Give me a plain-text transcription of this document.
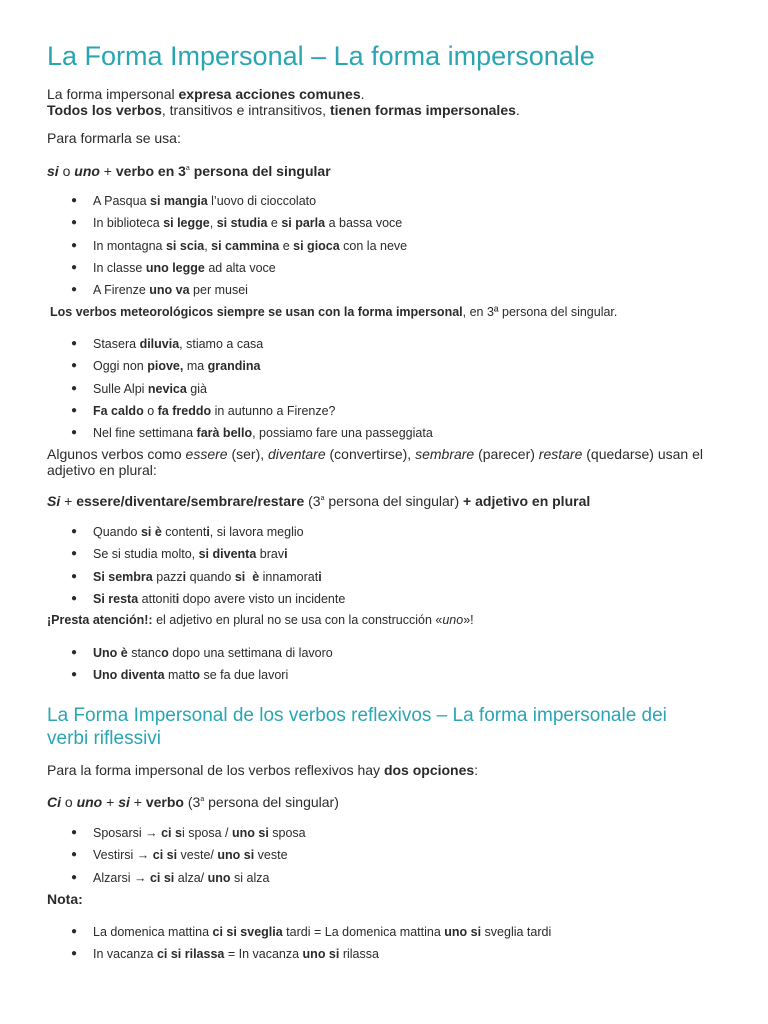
La Forma Impersonal – La forma impersonale
La forma impersonal expresa acciones comunes.
Todos los verbos, transitivos e intransitivos, tienen formas impersonales.
Para formarla se usa:
si o uno + verbo en 3$^a$ persona del singular
● A Pasqua si mangia l’uovo di cioccolato
● In biblioteca si legge, si studia e si parla a bassa voce
● In montagna si scia, si cammina e si gioca con la neve
● In classe uno legge ad alta voce
● A Firenze uno va per musei
Los verbos meteorológicos siempre se usan con la forma impersonal, en 3ª persona del singular.
● Stasera diluvia, stiamo a casa
● Oggi non piove, ma grandina
● Sulle Alpi nevica già
● Fa caldo o fa freddo in autunno a Firenze?
● Nel fine settimana farà bello, possiamo fare una passeggiata
Algunos verbos como essere (ser), diventare (convertirse), sembrare (parecer) restare (quedarse) usan el
adjetivo en plural:
Si + essere/diventare/sembrare/restare (3$^a$ persona del singular) + adjetivo en plural
● Quando si è contenti, si lavora meglio
● Se si studia molto, si diventa bravi
● Si sembra pazzi quando si è innamorati
● Si resta attoniti dopo avere visto un incidente
¡Presta atención!: el adjetivo en plural no se usa con la construcción «uno»!
● Uno è stanco dopo una settimana di lavoro
● Uno diventa matto se fa due lavori
La Forma Impersonal de los verbos reflexivos – La forma impersonale dei verbi riflessivi
Para la forma impersonal de los verbos reflexivos hay dos opciones:
Ci o uno + si + verbo (3$^a$ persona del singular)
● Sposarsi → ci si sposa / uno si sposa
● Vestirsi → ci si veste/ uno si veste
● Alzarsi → ci si alza/ uno si alza
Nota:
● La domenica mattina ci si sveglia tardi = La domenica mattina uno si sveglia tardi
● In vacanza ci si rilassa = In vacanza uno si rilassa
